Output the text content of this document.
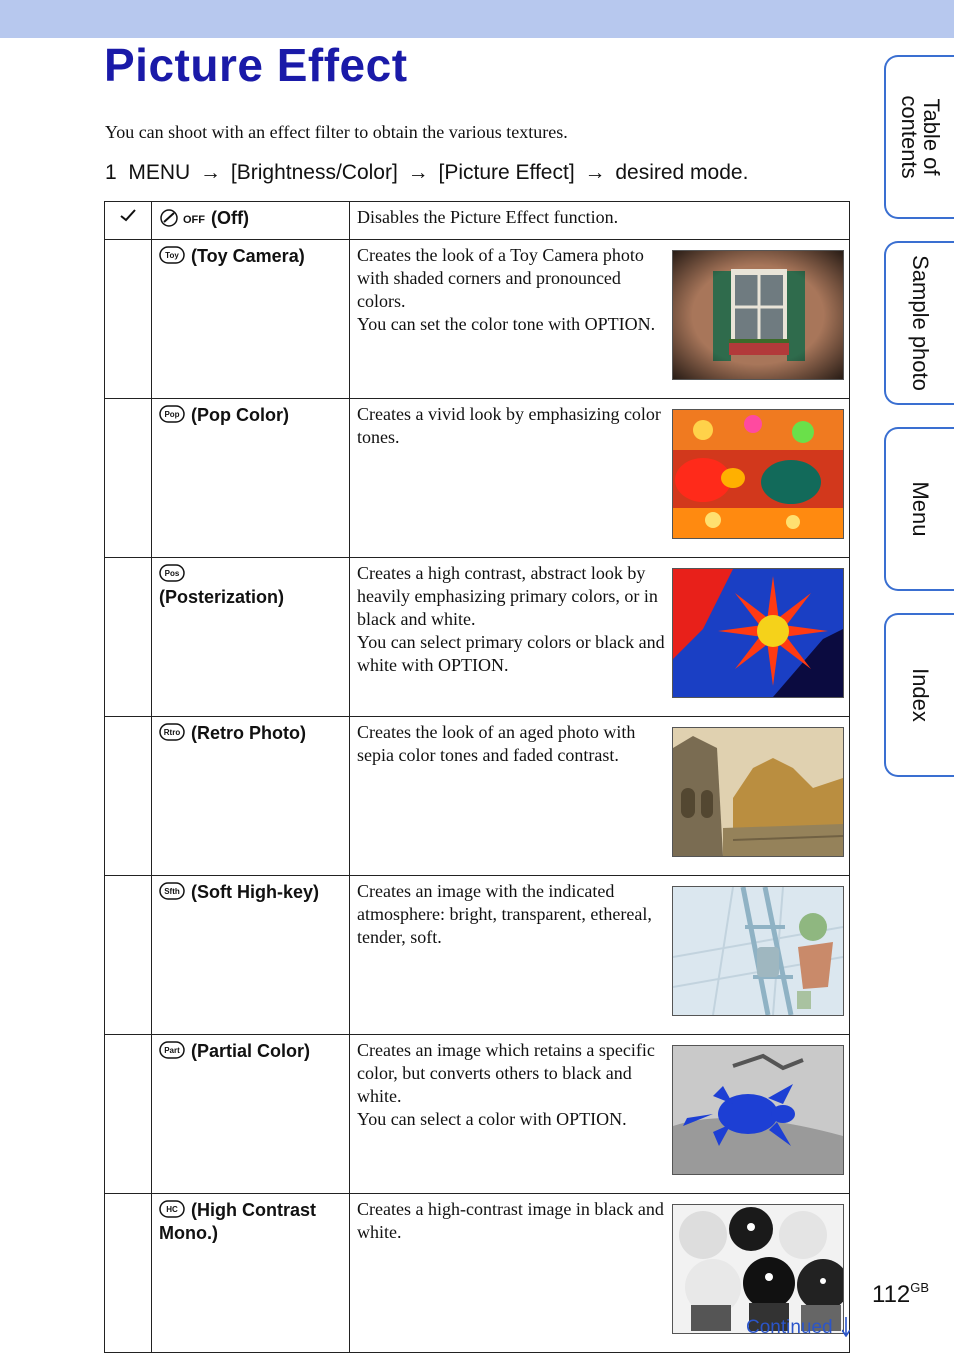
Picture Effect
You can shoot with an effect filter to obtain the various textures.
1 MENU → [Brightness/Color] → [Picture Effect] → desired mode.

OFF (Off)	Disables the Picture Effect function.

Toy (Toy Camera)	Creates the look of a Toy Camera photo with shaded corners and pronounced colors.
You can set the color tone with OPTION.

Pop (Pop Color)	Creates a vivid look by emphasizing color tones.

Pos

(Posterization)	Creates a high contrast, abstract look by heavily emphasizing primary colors, or in black and white.
You can select primary colors or black and white with OPTION.

Rtro (Retro Photo)	Creates the look of an aged photo with sepia color tones and faded contrast.

Sfth (Soft High-key)	Creates an image with the indicated atmosphere: bright, transparent, ethereal, tender, soft.

Part (Partial Color)	Creates an image which retains a specific color, but converts others to black and white.
You can select a color with OPTION.

HC (High Contrast Mono.)	Creates a high-contrast image in black and white.
Table of
contents
Sample photo
Menu
Index
$112^{GB}$
Continued
